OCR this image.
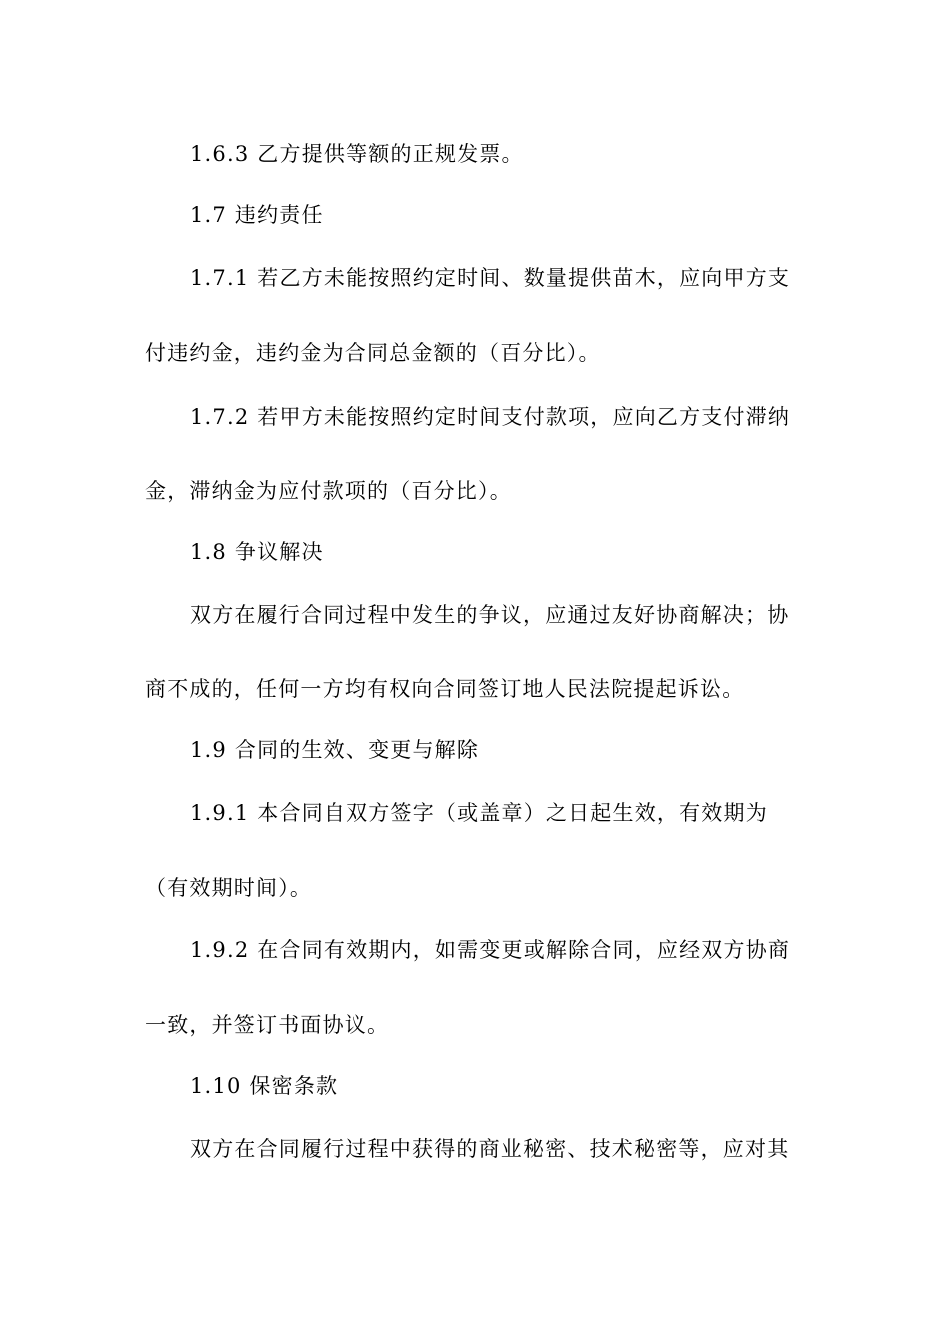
1.6.3 乙方提供等额的正规发票。
1.7 违约责任
1.7.1 若乙方未能按照约定时间、数量提供苗木，应向甲方支
付违约金，违约金为合同总金额的（百分比）。
1.7.2 若甲方未能按照约定时间支付款项，应向乙方支付滞纳
金，滞纳金为应付款项的（百分比）。
1.8 争议解决
双方在履行合同过程中发生的争议，应通过友好协商解决；协
商不成的，任何一方均有权向合同签订地人民法院提起诉讼。
1.9 合同的生效、变更与解除
1.9.1 本合同自双方签字（或盖章）之日起生效，有效期为
（有效期时间）。
1.9.2 在合同有效期内，如需变更或解除合同，应经双方协商
一致，并签订书面协议。
1.10 保密条款
双方在合同履行过程中获得的商业秘密、技术秘密等，应对其
